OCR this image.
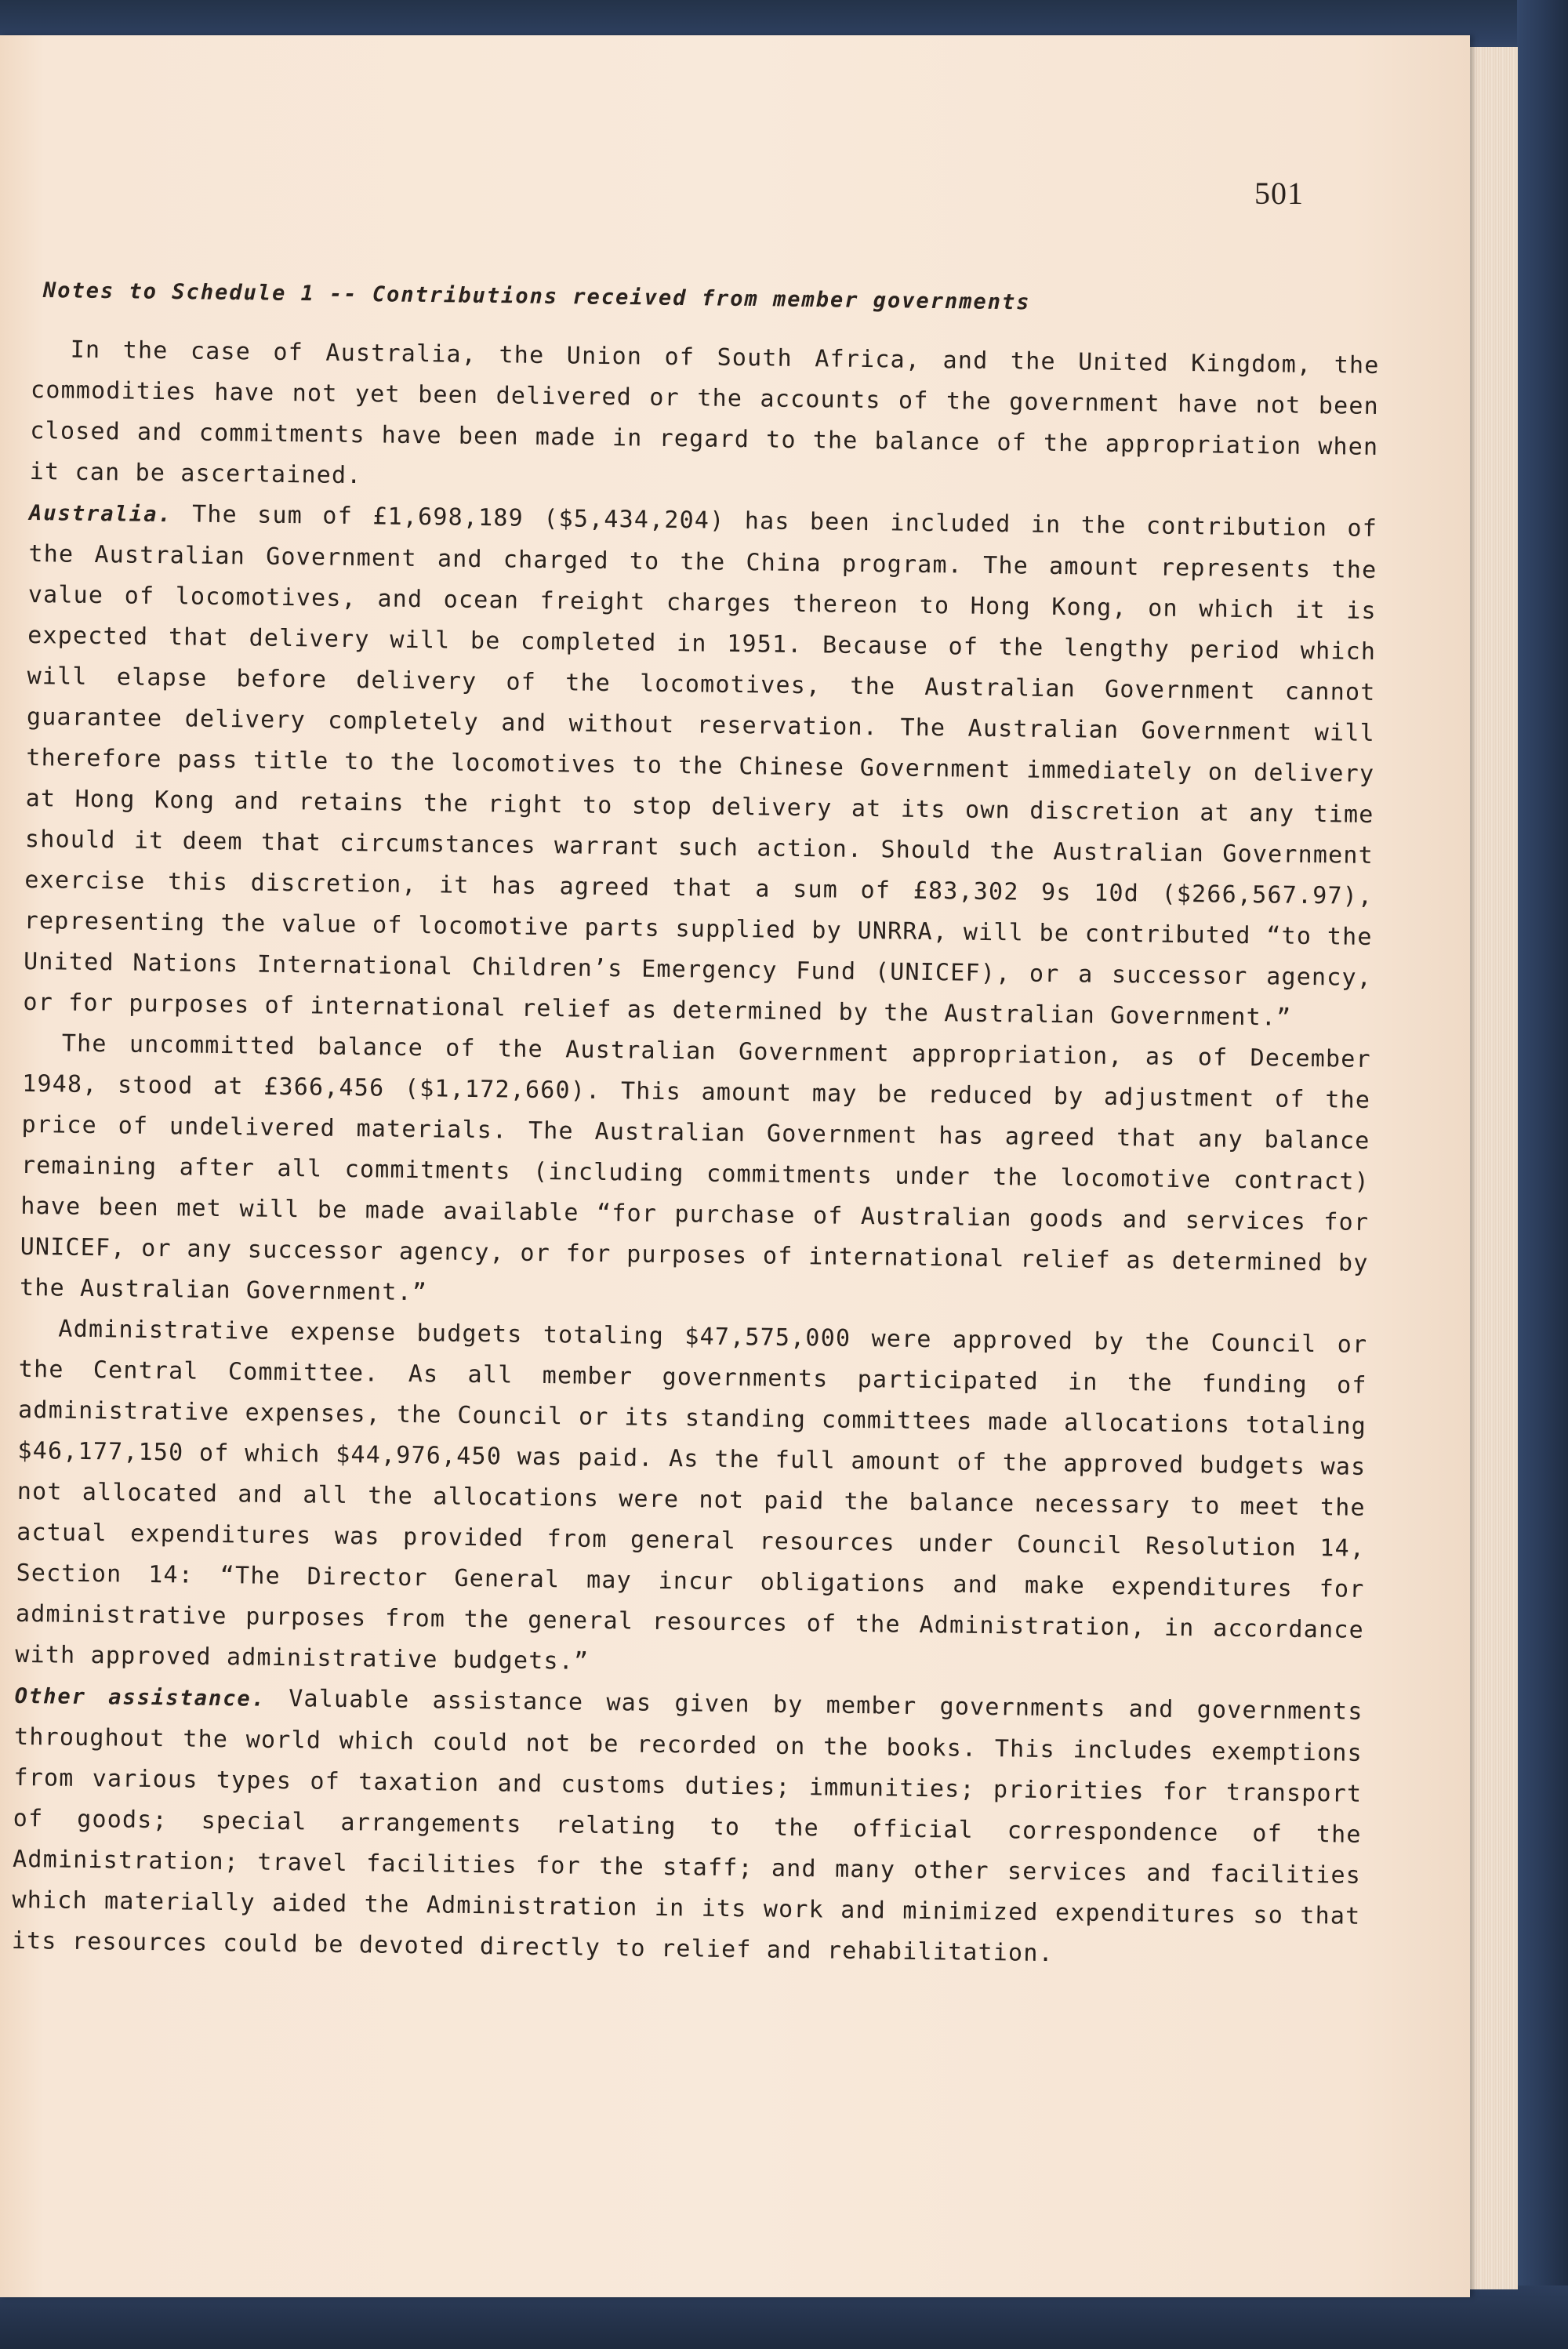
501
Notes to Schedule 1 -- Contributions received from member governments

In the case of Australia, the Union of South Africa, and the United Kingdom, the commodities have not yet been delivered or the accounts of the government have not been closed and commitments have been made in regard to the balance of the appropriation when it can be ascertained.

Australia. The sum of £1,698,189 ($5,434,204) has been included in the contribution of the Australian Government and charged to the China program. The amount represents the value of locomotives, and ocean freight charges thereon to Hong Kong, on which it is expected that delivery will be completed in 1951. Because of the lengthy period which will elapse before delivery of the locomotives, the Australian Government cannot guarantee delivery completely and without reservation. The Australian Government will therefore pass title to the locomotives to the Chinese Government immediately on delivery at Hong Kong and retains the right to stop delivery at its own discretion at any time should it deem that circumstances warrant such action. Should the Australian Government exercise this discretion, it has agreed that a sum of £83,302 9s 10d ($266,567.97), representing the value of locomotive parts supplied by UNRRA, will be contributed “to the United Nations International Children’s Emergency Fund (UNICEF), or a successor agency, or for purposes of international relief as determined by the Australian Government.”

The uncommitted balance of the Australian Government appropriation, as of December 1948, stood at £366,456 ($1,172,660). This amount may be reduced by adjustment of the price of undelivered materials. The Australian Government has agreed that any balance remaining after all commitments (including commitments under the locomotive contract) have been met will be made available “for purchase of Australian goods and services for UNICEF, or any successor agency, or for purposes of international relief as determined by the Australian Government.”

Administrative expense budgets totaling $47,575,000 were approved by the Council or the Central Committee. As all member governments participated in the funding of administrative expenses, the Council or its standing committees made allocations totaling $46,177,150 of which $44,976,450 was paid. As the full amount of the approved budgets was not allocated and all the allocations were not paid the balance necessary to meet the actual expenditures was provided from general resources under Council Resolution 14, Section 14: “The Director General may incur obligations and make expenditures for administrative purposes from the general resources of the Administration, in accordance with approved administrative budgets.”

Other assistance. Valuable assistance was given by member governments and governments throughout the world which could not be recorded on the books. This includes exemptions from various types of taxation and customs duties; immunities; priorities for transport of goods; special arrangements relating to the official correspondence of the Administration; travel facilities for the staff; and many other services and facilities which materially aided the Administration in its work and minimized expenditures so that its resources could be devoted directly to relief and rehabilitation.
